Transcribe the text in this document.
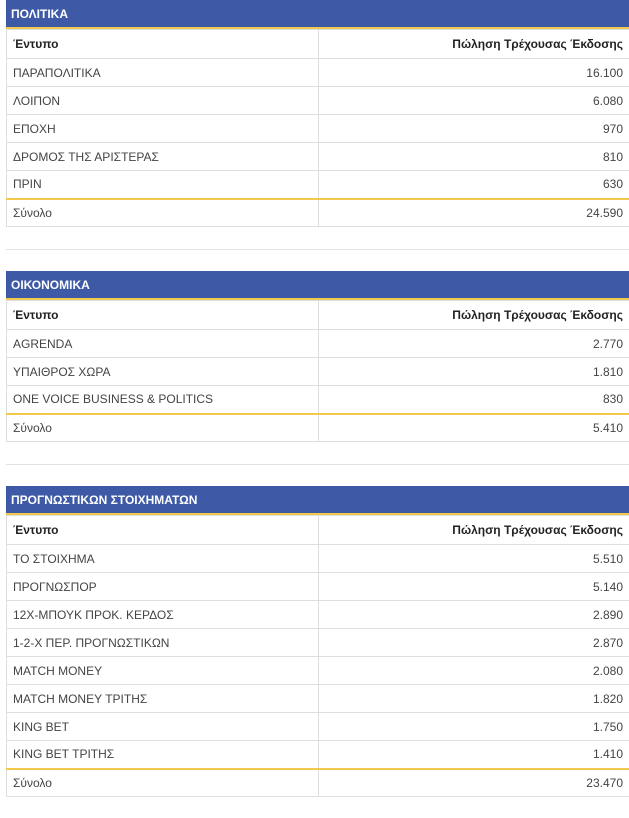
ΠΟΛΙΤΙΚΑ
Έντυπο	Πώληση Τρέχουσας Έκδοσης
ΠΑΡΑΠΟΛΙΤΙΚΑ	16.100
ΛΟΙΠΟΝ	6.080
ΕΠΟΧΗ	970
ΔΡΟΜΟΣ ΤΗΣ ΑΡΙΣΤΕΡΑΣ	810
ΠΡΙΝ	630
Σύνολο	24.590
ΟΙΚΟΝΟΜΙΚΑ
Έντυπο	Πώληση Τρέχουσας Έκδοσης
AGRENDA	2.770
ΥΠΑΙΘΡΟΣ ΧΩΡΑ	1.810
ONE VOICE BUSINESS & POLITICS	830
Σύνολο	5.410
ΠΡΟΓΝΩΣΤΙΚΩΝ ΣΤΟΙΧΗΜΑΤΩΝ
Έντυπο	Πώληση Τρέχουσας Έκδοσης
ΤΟ ΣΤΟΙΧΗΜΑ	5.510
ΠΡΟΓΝΩΣΠΟΡ	5.140
12Χ-ΜΠΟΥΚ ΠΡΟΚ. ΚΕΡΔΟΣ	2.890
1-2-Χ ΠΕΡ. ΠΡΟΓΝΩΣΤΙΚΩΝ	2.870
MATCH MONEY	2.080
MATCH MONEY ΤΡΙΤΗΣ	1.820
KING BET	1.750
KING BET ΤΡΙΤΗΣ	1.410
Σύνολο	23.470
